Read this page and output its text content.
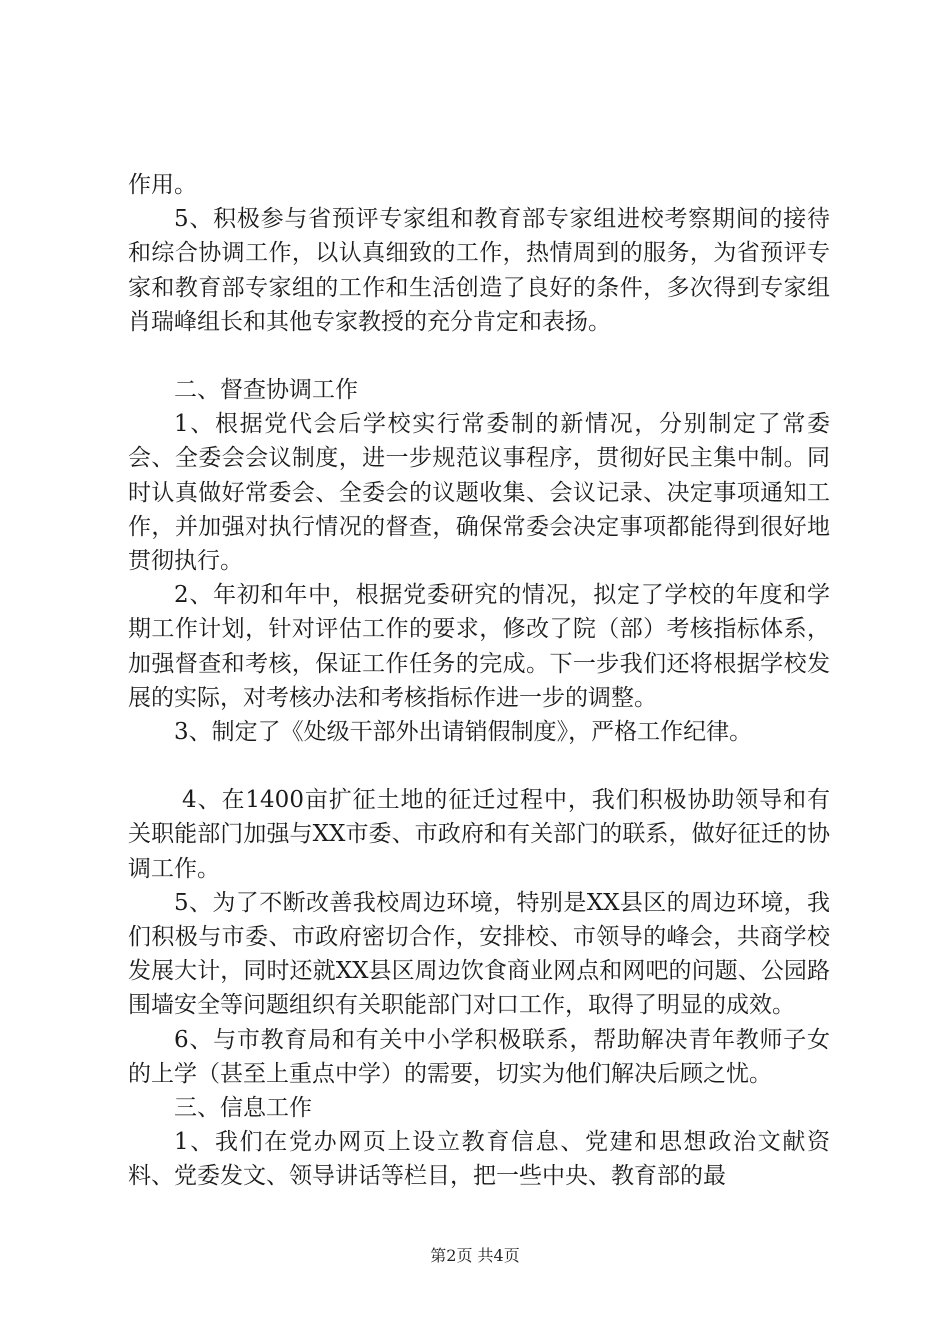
作用。

5、积极参与省预评专家组和教育部专家组进校考察期间的接待和综合协调工作，以认真细致的工作，热情周到的服务，为省预评专家和教育部专家组的工作和生活创造了良好的条件，多次得到专家组肖瑞峰组长和其他专家教授的充分肯定和表扬。

二、督查协调工作

1、根据党代会后学校实行常委制的新情况，分别制定了常委会、全委会会议制度，进一步规范议事程序，贯彻好民主集中制。同时认真做好常委会、全委会的议题收集、会议记录、决定事项通知工作，并加强对执行情况的督查，确保常委会决定事项都能得到很好地贯彻执行。

2、年初和年中，根据党委研究的情况，拟定了学校的年度和学期工作计划，针对评估工作的要求，修改了院（部）考核指标体系，加强督查和考核，保证工作任务的完成。下一步我们还将根据学校发展的实际，对考核办法和考核指标作进一步的调整。

3、制定了《处级干部外出请销假制度》，严格工作纪律。

4、在1400亩扩征土地的征迁过程中，我们积极协助领导和有关职能部门加强与XX市委、市政府和有关部门的联系，做好征迁的协调工作。

5、为了不断改善我校周边环境，特别是XX县区的周边环境，我们积极与市委、市政府密切合作，安排校、市领导的峰会，共商学校发展大计，同时还就XX县区周边饮食商业网点和网吧的问题、公园路围墙安全等问题组织有关职能部门对口工作，取得了明显的成效。

6、与市教育局和有关中小学积极联系，帮助解决青年教师子女的上学（甚至上重点中学）的需要，切实为他们解决后顾之忧。

三、信息工作

1、我们在党办网页上设立教育信息、党建和思想政治文献资料、党委发文、领导讲话等栏目，把一些中央、教育部的最

第2页 共4页
